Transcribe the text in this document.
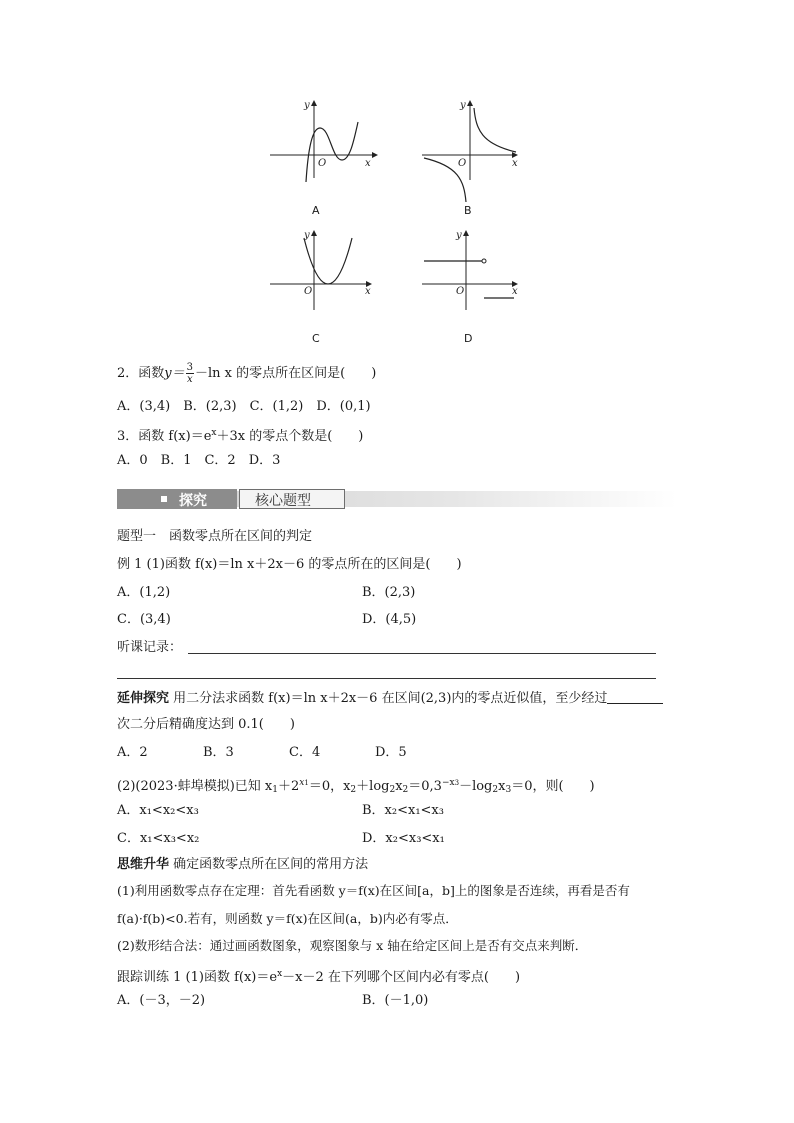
x
y
O
A
x
y
O
B
x
y
O
C
x
y
O
D
2．函数$y= \frac{3}{x} -\ln$ x 的零点所在区间是(　　)
A．(3,4)　B．(2,3)　C．(1,2)　D．(0,1)
3．函数 $f(x)=e^x+3x$ 的零点个数是(　　)
A．0　B．1　C．2　D．3
探究	核心题型
题型一　函数零点所在区间的判定
例 1 (1)函数 f(x)＝ln x＋2x－6 的零点所在的区间是(　　)
A．(1,2)	B．(2,3)
C．(3,4)	D．(4,5)
听课记录：
延伸探究 用二分法求函数 f(x)＝ln x＋2x－6 在区间(2,3)内的零点近似值，至少经过
次二分后精确度达到 0.1(　　)
A．2	B．3	C．4	D．5
(2)(2023·蚌埠模拟)已知 $x_1+2^{x1}=0$，$x_2+\log_2x_2=0,3^{-x3}-\log_2x_3=0$，则(　　)
A．x₁<x₂<x₃	B．x₂<x₁<x₃
C．x₁<x₃<x₂	D．x₂<x₃<x₁
思维升华 确定函数零点所在区间的常用方法
(1)利用函数零点存在定理：首先看函数 y＝f(x)在区间[a，b]上的图象是否连续，再看是否有
f(a)·f(b)<0.若有，则函数 y＝f(x)在区间(a，b)内必有零点．
(2)数形结合法：通过画函数图象，观察图象与 x 轴在给定区间上是否有交点来判断．
跟踪训练 1 (1)函数 $f(x)=e^x-x-2$ 在下列哪个区间内必有零点(　　)
A．(－3，－2)	B．(－1,0)
